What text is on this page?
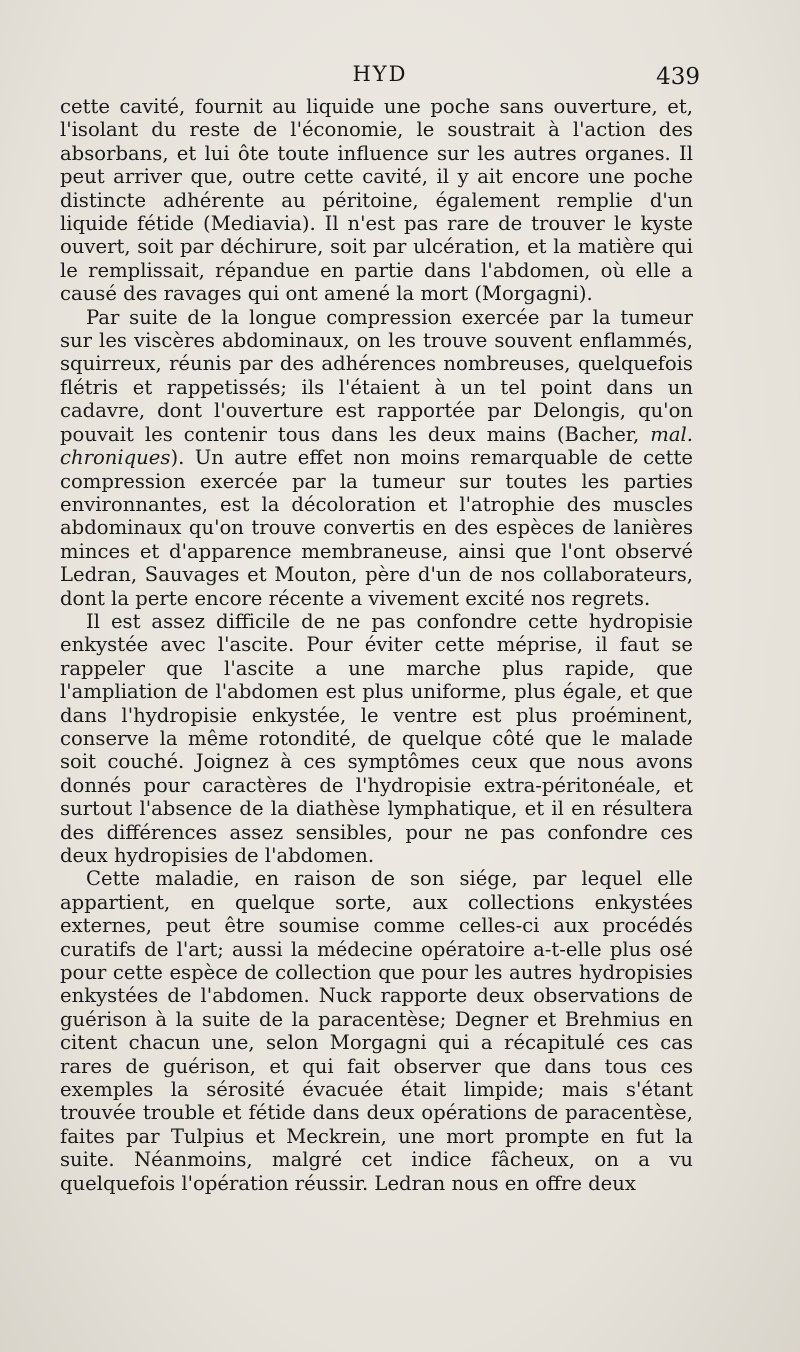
HYD	439

cette cavité, fournit au liquide une poche sans ouverture, et, l'isolant du reste de l'économie, le soustrait à l'action des absorbans, et lui ôte toute influence sur les autres organes. Il peut arriver que, outre cette cavité, il y ait encore une poche distincte adhérente au péritoine, également remplie d'un liquide fétide (Mediavia). Il n'est pas rare de trouver le kyste ouvert, soit par déchirure, soit par ulcération, et la matière qui le remplissait, répandue en partie dans l'abdomen, où elle a causé des ravages qui ont amené la mort (Morgagni).

Par suite de la longue compression exercée par la tumeur sur les viscères abdominaux, on les trouve souvent enflammés, squirreux, réunis par des adhérences nombreuses, quelquefois flétris et rappetissés; ils l'étaient à un tel point dans un cadavre, dont l'ouverture est rapportée par Delongis, qu'on pouvait les contenir tous dans les deux mains (Bacher, mal. chroniques). Un autre effet non moins remarquable de cette compression exercée par la tumeur sur toutes les parties environnantes, est la décoloration et l'atrophie des muscles abdominaux qu'on trouve convertis en des espèces de lanières minces et d'apparence membraneuse, ainsi que l'ont observé Ledran, Sauvages et Mouton, père d'un de nos collaborateurs, dont la perte encore récente a vivement excité nos regrets.

Il est assez difficile de ne pas confondre cette hydropisie enkystée avec l'ascite. Pour éviter cette méprise, il faut se rappeler que l'ascite a une marche plus rapide, que l'ampliation de l'abdomen est plus uniforme, plus égale, et que dans l'hydropisie enkystée, le ventre est plus proéminent, conserve la même rotondité, de quelque côté que le malade soit couché. Joignez à ces symptômes ceux que nous avons donnés pour caractères de l'hydropisie extra-péritonéale, et surtout l'absence de la diathèse lymphatique, et il en résultera des différences assez sensibles, pour ne pas confondre ces deux hydropisies de l'abdomen.

Cette maladie, en raison de son siége, par lequel elle appartient, en quelque sorte, aux collections enkystées externes, peut être soumise comme celles-ci aux procédés curatifs de l'art; aussi la médecine opératoire a-t-elle plus osé pour cette espèce de collection que pour les autres hydropisies enkystées de l'abdomen. Nuck rapporte deux observations de guérison à la suite de la paracentèse; Degner et Brehmius en citent chacun une, selon Morgagni qui a récapitulé ces cas rares de guérison, et qui fait observer que dans tous ces exemples la sérosité évacuée était limpide; mais s'étant trouvée trouble et fétide dans deux opérations de paracentèse, faites par Tulpius et Meckrein, une mort prompte en fut la suite. Néanmoins, malgré cet indice fâcheux, on a vu quelquefois l'opération réussir. Ledran nous en offre deux
